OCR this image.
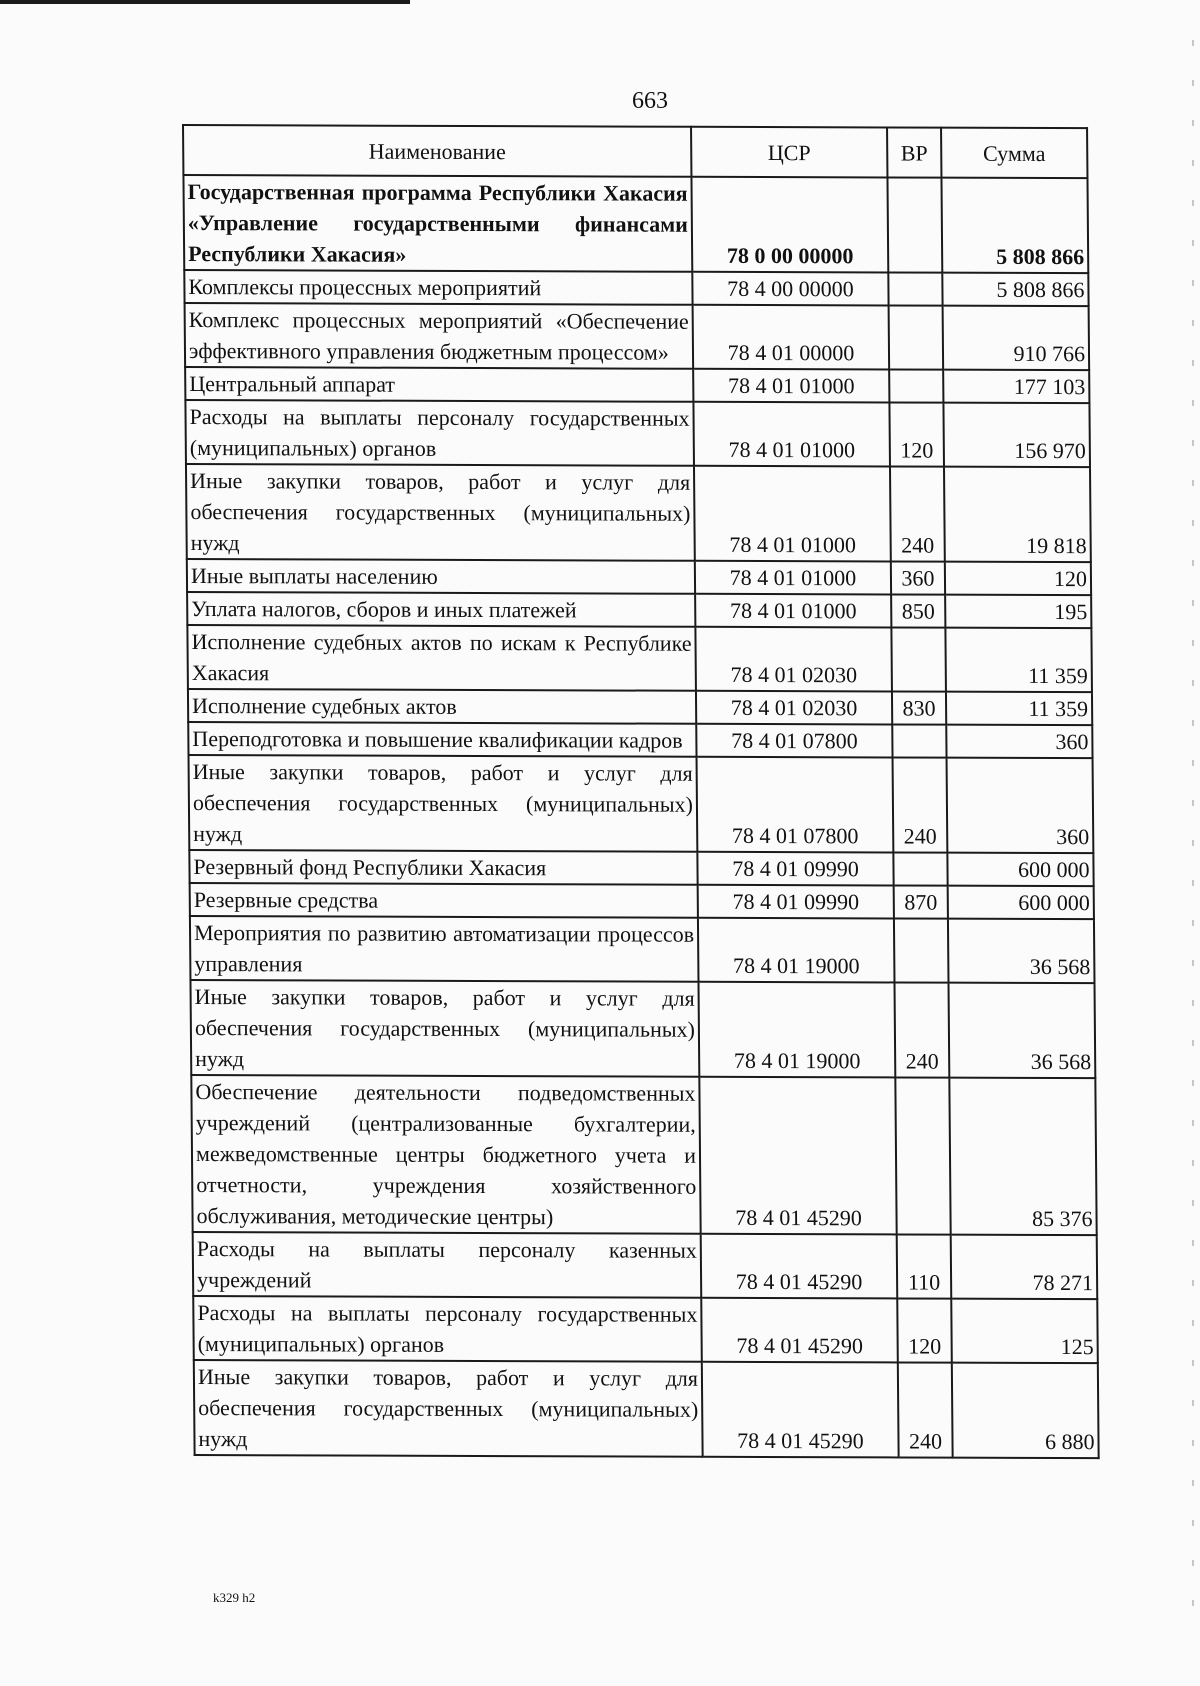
663
Наименование	ЦСР	ВР	Сумма
Государственная программа Республики Хакасия «Управление государственными финансами Республики Хакасия»	78 0 00 00000		5 808 866
Комплексы процессных мероприятий	78 4 00 00000		5 808 866
Комплекс процессных мероприятий «Обеспечение эффективного управления бюджетным процессом»	78 4 01 00000		910 766
Центральный аппарат	78 4 01 01000		177 103
Расходы на выплаты персоналу государственных (муниципальных) органов	78 4 01 01000	120	156 970
Иные закупки товаров, работ и услуг для обеспечения государственных (муниципальных) нужд	78 4 01 01000	240	19 818
Иные выплаты населению	78 4 01 01000	360	120
Уплата налогов, сборов и иных платежей	78 4 01 01000	850	195
Исполнение судебных актов по искам к Республике Хакасия	78 4 01 02030		11 359
Исполнение судебных актов	78 4 01 02030	830	11 359
Переподготовка и повышение квалификации кадров	78 4 01 07800		360
Иные закупки товаров, работ и услуг для обеспечения государственных (муниципальных) нужд	78 4 01 07800	240	360
Резервный фонд Республики Хакасия	78 4 01 09990		600 000
Резервные средства	78 4 01 09990	870	600 000
Мероприятия по развитию автоматизации процессов управления	78 4 01 19000		36 568
Иные закупки товаров, работ и услуг для обеспечения государственных (муниципальных) нужд	78 4 01 19000	240	36 568
Обеспечение деятельности подведомственных учреждений (централизованные бухгалтерии, межведомственные центры бюджетного учета и отчетности, учреждения хозяйственного обслуживания, методические центры)	78 4 01 45290		85 376
Расходы на выплаты персоналу казенных учреждений	78 4 01 45290	110	78 271
Расходы на выплаты персоналу государственных (муниципальных) органов	78 4 01 45290	120	125
Иные закупки товаров, работ и услуг для обеспечения государственных (муниципальных) нужд	78 4 01 45290	240	6 880
k329 h2
